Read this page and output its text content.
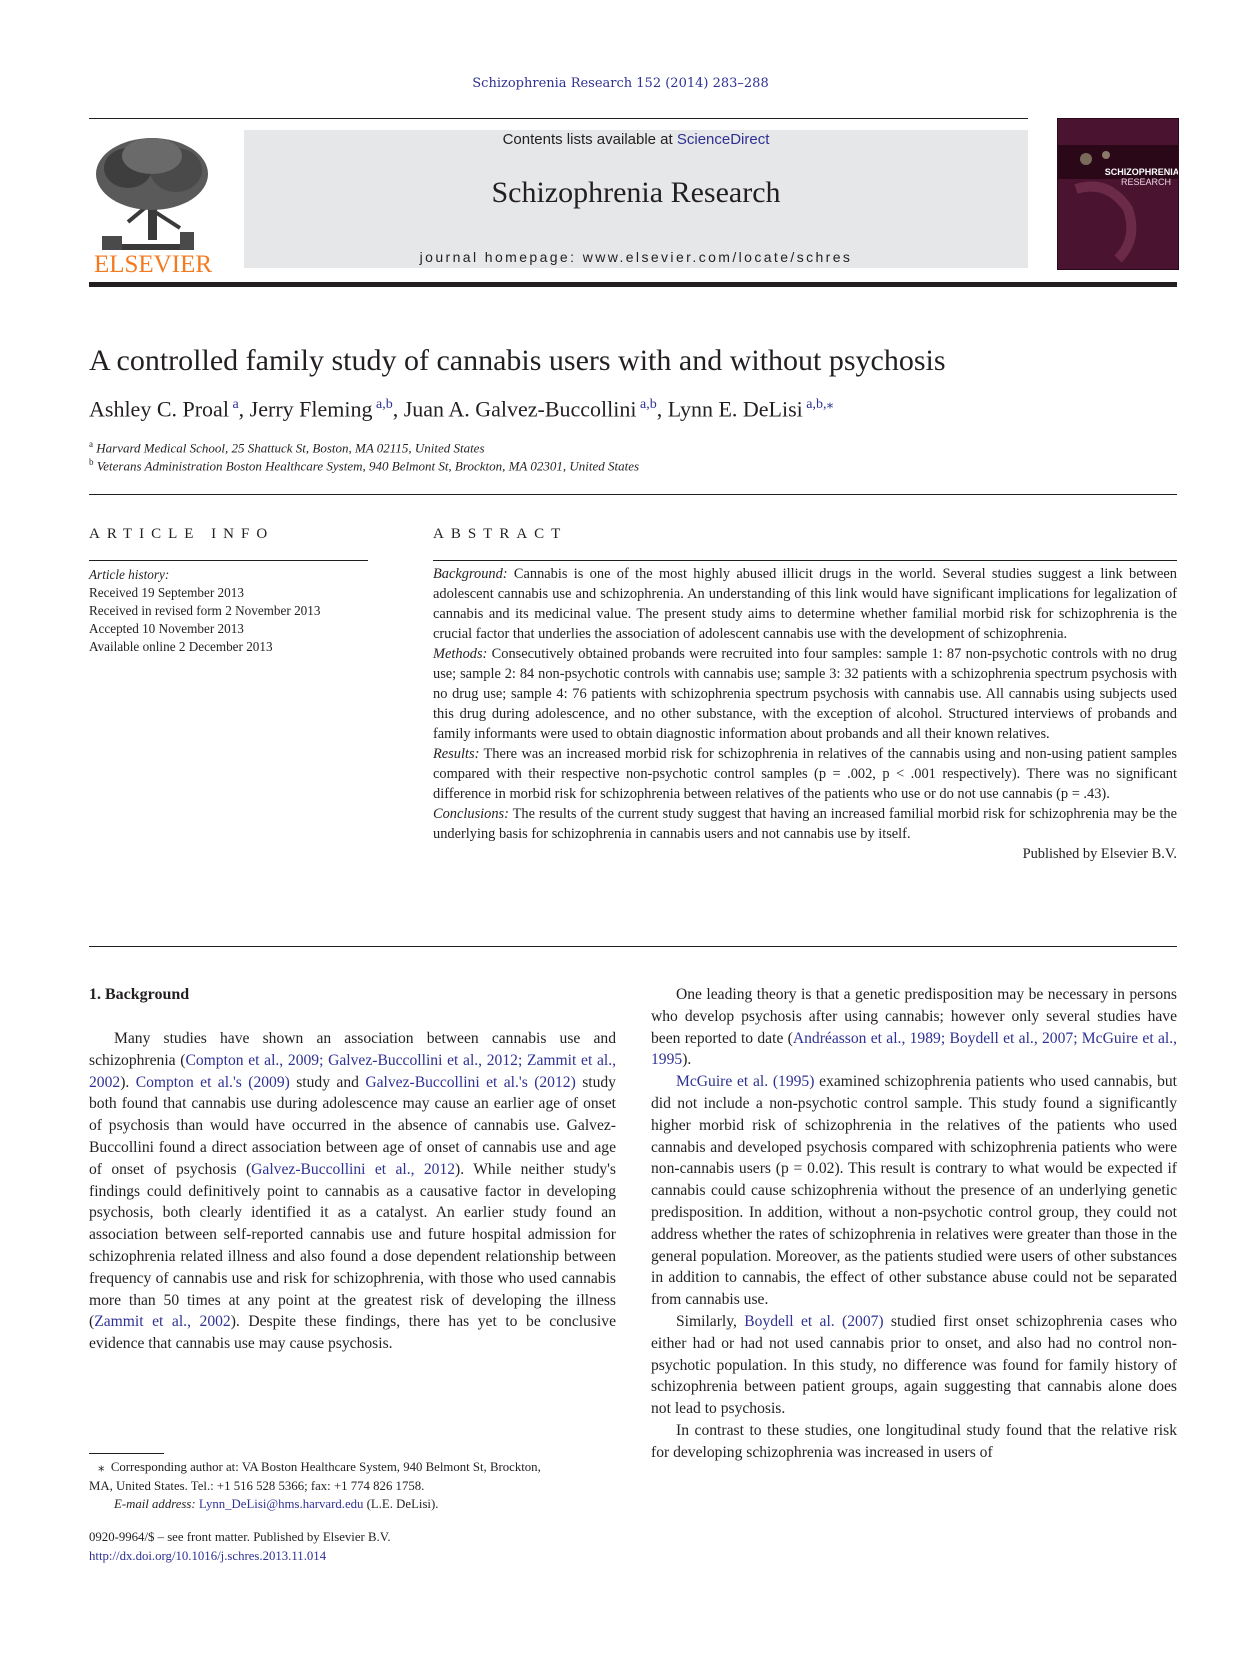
Schizophrenia Research 152 (2014) 283–288
ELSEVIER
Contents lists available at ScienceDirect
Schizophrenia Research
journal homepage: www.elsevier.com/locate/schres
SCHIZOPHRENIA
RESEARCH
A controlled family study of cannabis users with and without psychosis
Ashley C. Proal $^a$, Jerry Fleming $^{a,b}$, Juan A. Galvez-Buccollini $^{a,b}$, Lynn E. DeLisi $^{a,b,⁎}$
$^a$ Harvard Medical School, 25 Shattuck St, Boston, MA 02115, United States
$^b$ Veterans Administration Boston Healthcare System, 940 Belmont St, Brockton, MA 02301, United States
ARTICLE INFO
Article history:
Received 19 September 2013
Received in revised form 2 November 2013
Accepted 10 November 2013
Available online 2 December 2013
ABSTRACT

Background: Cannabis is one of the most highly abused illicit drugs in the world. Several studies suggest a link between adolescent cannabis use and schizophrenia. An understanding of this link would have significant implications for legalization of cannabis and its medicinal value. The present study aims to determine whether familial morbid risk for schizophrenia is the crucial factor that underlies the association of adolescent cannabis use with the development of schizophrenia.

Methods: Consecutively obtained probands were recruited into four samples: sample 1: 87 non-psychotic controls with no drug use; sample 2: 84 non-psychotic controls with cannabis use; sample 3: 32 patients with a schizophrenia spectrum psychosis with no drug use; sample 4: 76 patients with schizophrenia spectrum psychosis with cannabis use. All cannabis using subjects used this drug during adolescence, and no other substance, with the exception of alcohol. Structured interviews of probands and family informants were used to obtain diagnostic information about probands and all their known relatives.

Results: There was an increased morbid risk for schizophrenia in relatives of the cannabis using and non-using patient samples compared with their respective non-psychotic control samples (p = .002, p < .001 respectively). There was no significant difference in morbid risk for schizophrenia between relatives of the patients who use or do not use cannabis (p = .43).

Conclusions: The results of the current study suggest that having an increased familial morbid risk for schizophrenia may be the underlying basis for schizophrenia in cannabis users and not cannabis use by itself.

Published by Elsevier B.V.

1. Background

Many studies have shown an association between cannabis use and schizophrenia (Compton et al., 2009; Galvez-Buccollini et al., 2012; Zammit et al., 2002). Compton et al.'s (2009) study and Galvez-Buccollini et al.'s (2012) study both found that cannabis use during adolescence may cause an earlier age of onset of psychosis than would have occurred in the absence of cannabis use. Galvez-Buccollini found a direct association between age of onset of cannabis use and age of onset of psychosis (Galvez-Buccollini et al., 2012). While neither study's findings could definitively point to cannabis as a causative factor in developing psychosis, both clearly identified it as a catalyst. An earlier study found an association between self-reported cannabis use and future hospital admission for schizophrenia related illness and also found a dose dependent relationship between frequency of cannabis use and risk for schizophrenia, with those who used cannabis more than 50 times at any point at the greatest risk of developing the illness (Zammit et al., 2002). Despite these findings, there has yet to be conclusive evidence that cannabis use may cause psychosis.

One leading theory is that a genetic predisposition may be necessary in persons who develop psychosis after using cannabis; however only several studies have been reported to date (Andréasson et al., 1989; Boydell et al., 2007; McGuire et al., 1995).

McGuire et al. (1995) examined schizophrenia patients who used cannabis, but did not include a non-psychotic control sample. This study found a significantly higher morbid risk of schizophrenia in the relatives of the patients who used cannabis and developed psychosis compared with schizophrenia patients who were non-cannabis users (p = 0.02). This result is contrary to what would be expected if cannabis could cause schizophrenia without the presence of an underlying genetic predisposition. In addition, without a non-psychotic control group, they could not address whether the rates of schizophrenia in relatives were greater than those in the general population. Moreover, as the patients studied were users of other substances in addition to cannabis, the effect of other substance abuse could not be separated from cannabis use.

Similarly, Boydell et al. (2007) studied first onset schizophrenia cases who either had or had not used cannabis prior to onset, and also had no control non-psychotic population. In this study, no difference was found for family history of schizophrenia between patient groups, again suggesting that cannabis alone does not lead to psychosis.

In contrast to these studies, one longitudinal study found that the relative risk for developing schizophrenia was increased in users of

⁎ Corresponding author at: VA Boston Healthcare System, 940 Belmont St, Brockton,
MA, United States. Tel.: +1 516 528 5366; fax: +1 774 826 1758.
E-mail address: Lynn_DeLisi@hms.harvard.edu (L.E. DeLisi).
0920-9964/$ – see front matter. Published by Elsevier B.V.
http://dx.doi.org/10.1016/j.schres.2013.11.014
